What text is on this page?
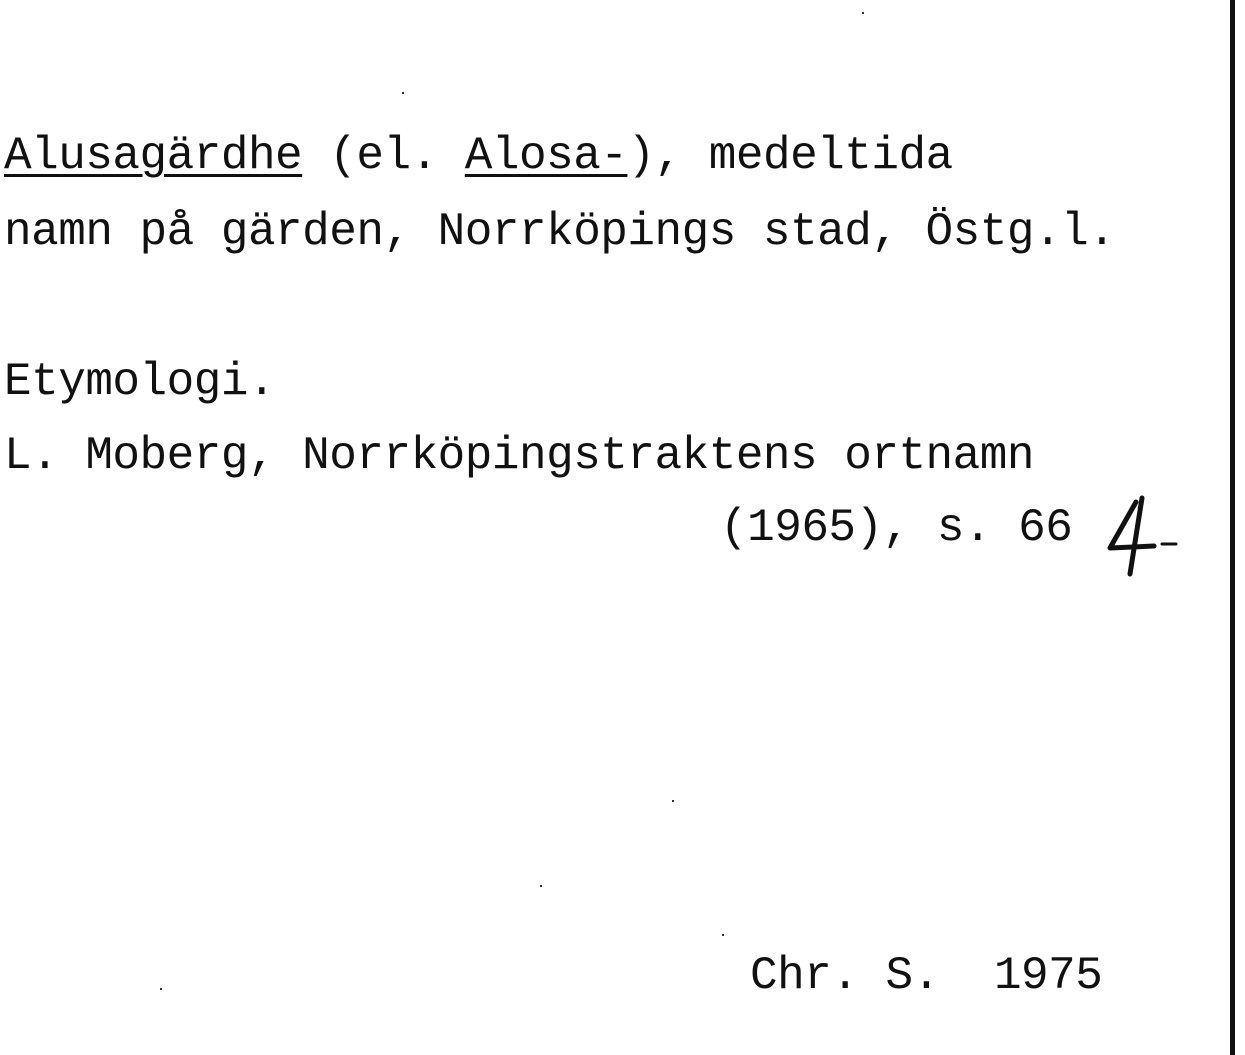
Alusagärdhe (el. Alosa-), medeltida
namn på gärden, Norrköpings stad, Östg.l.
Etymologi.
L. Moberg, Norrköpingstraktens ortnamn
(1965), s. 66
Chr. S.  1975
